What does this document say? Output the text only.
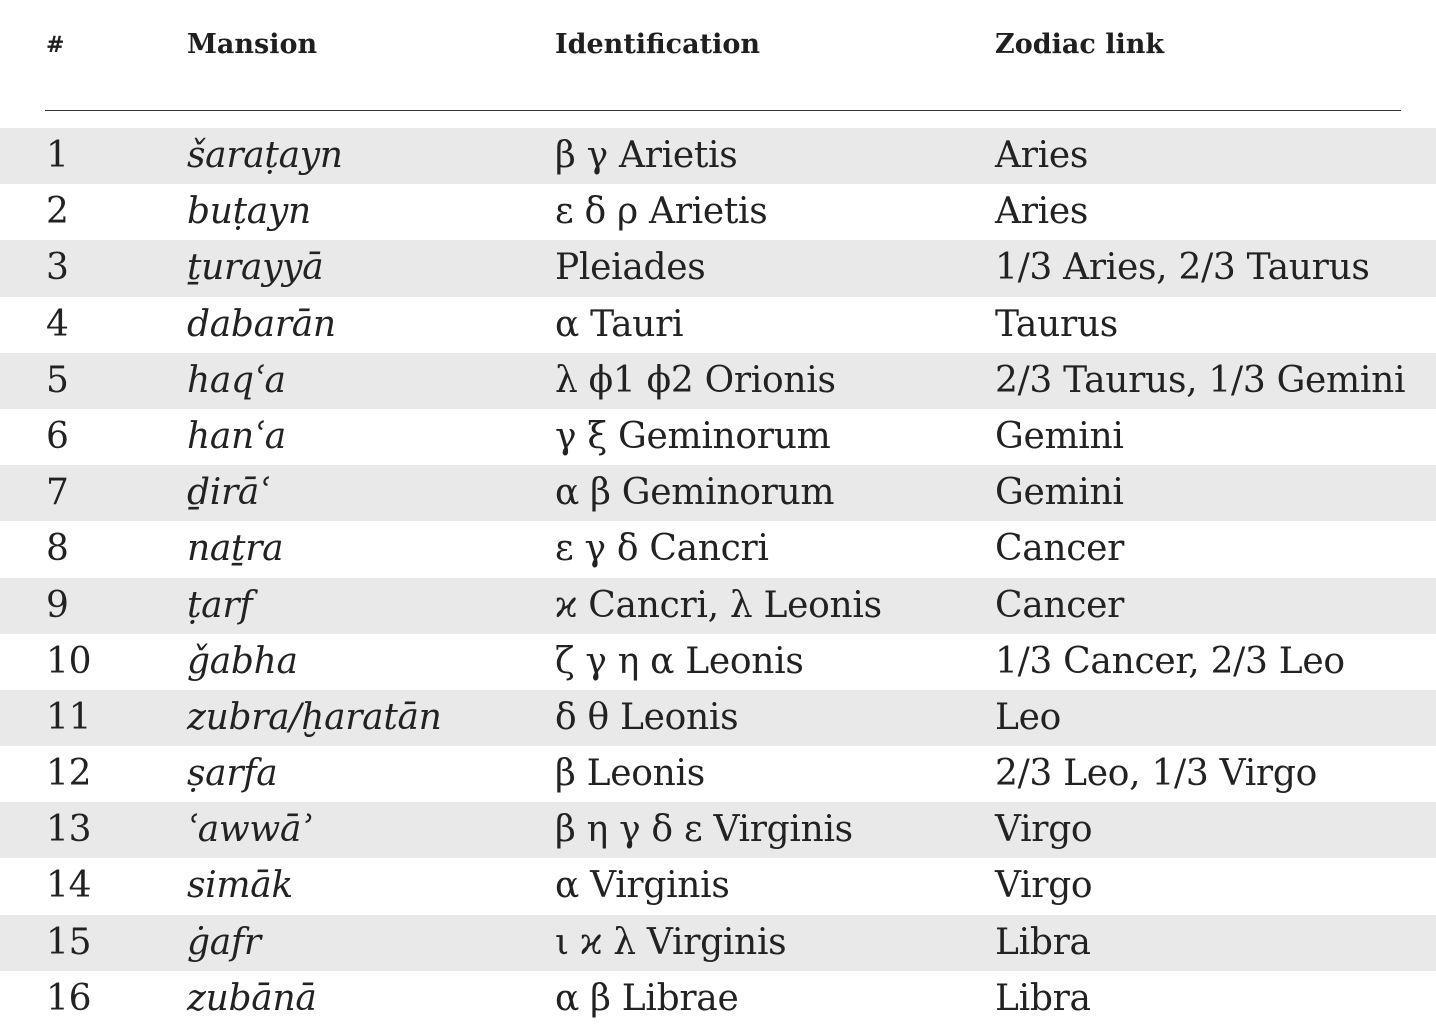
#	Mansion	Identification	Zodiac link
1	šaraṭayn	β γ Arietis	Aries
2	buṭayn	ε δ ρ Arietis	Aries
3	ṯurayyā	Pleiades	1/3 Aries, 2/3 Taurus
4	dabarān	α Tauri	Taurus
5	haqʿa	λ ϕ1 ϕ2 Orionis	2/3 Taurus, 1/3 Gemini
6	hanʿa	γ ξ Geminorum	Gemini
7	ḏirāʿ	α β Geminorum	Gemini
8	naṯra	ε γ δ Cancri	Cancer
9	ṭarf	ϰ Cancri, λ Leonis	Cancer
10	ǧabha	ζ γ η α Leonis	1/3 Cancer, 2/3 Leo
11	zubra/ḫaratān	δ θ Leonis	Leo
12	ṣarfa	β Leonis	2/3 Leo, 1/3 Virgo
13	ʿawwāʾ	β η γ δ ε Virginis	Virgo
14	simāk	α Virginis	Virgo
15	ġafr	ι ϰ λ Virginis	Libra
16	zubānā	α β Librae	Libra
